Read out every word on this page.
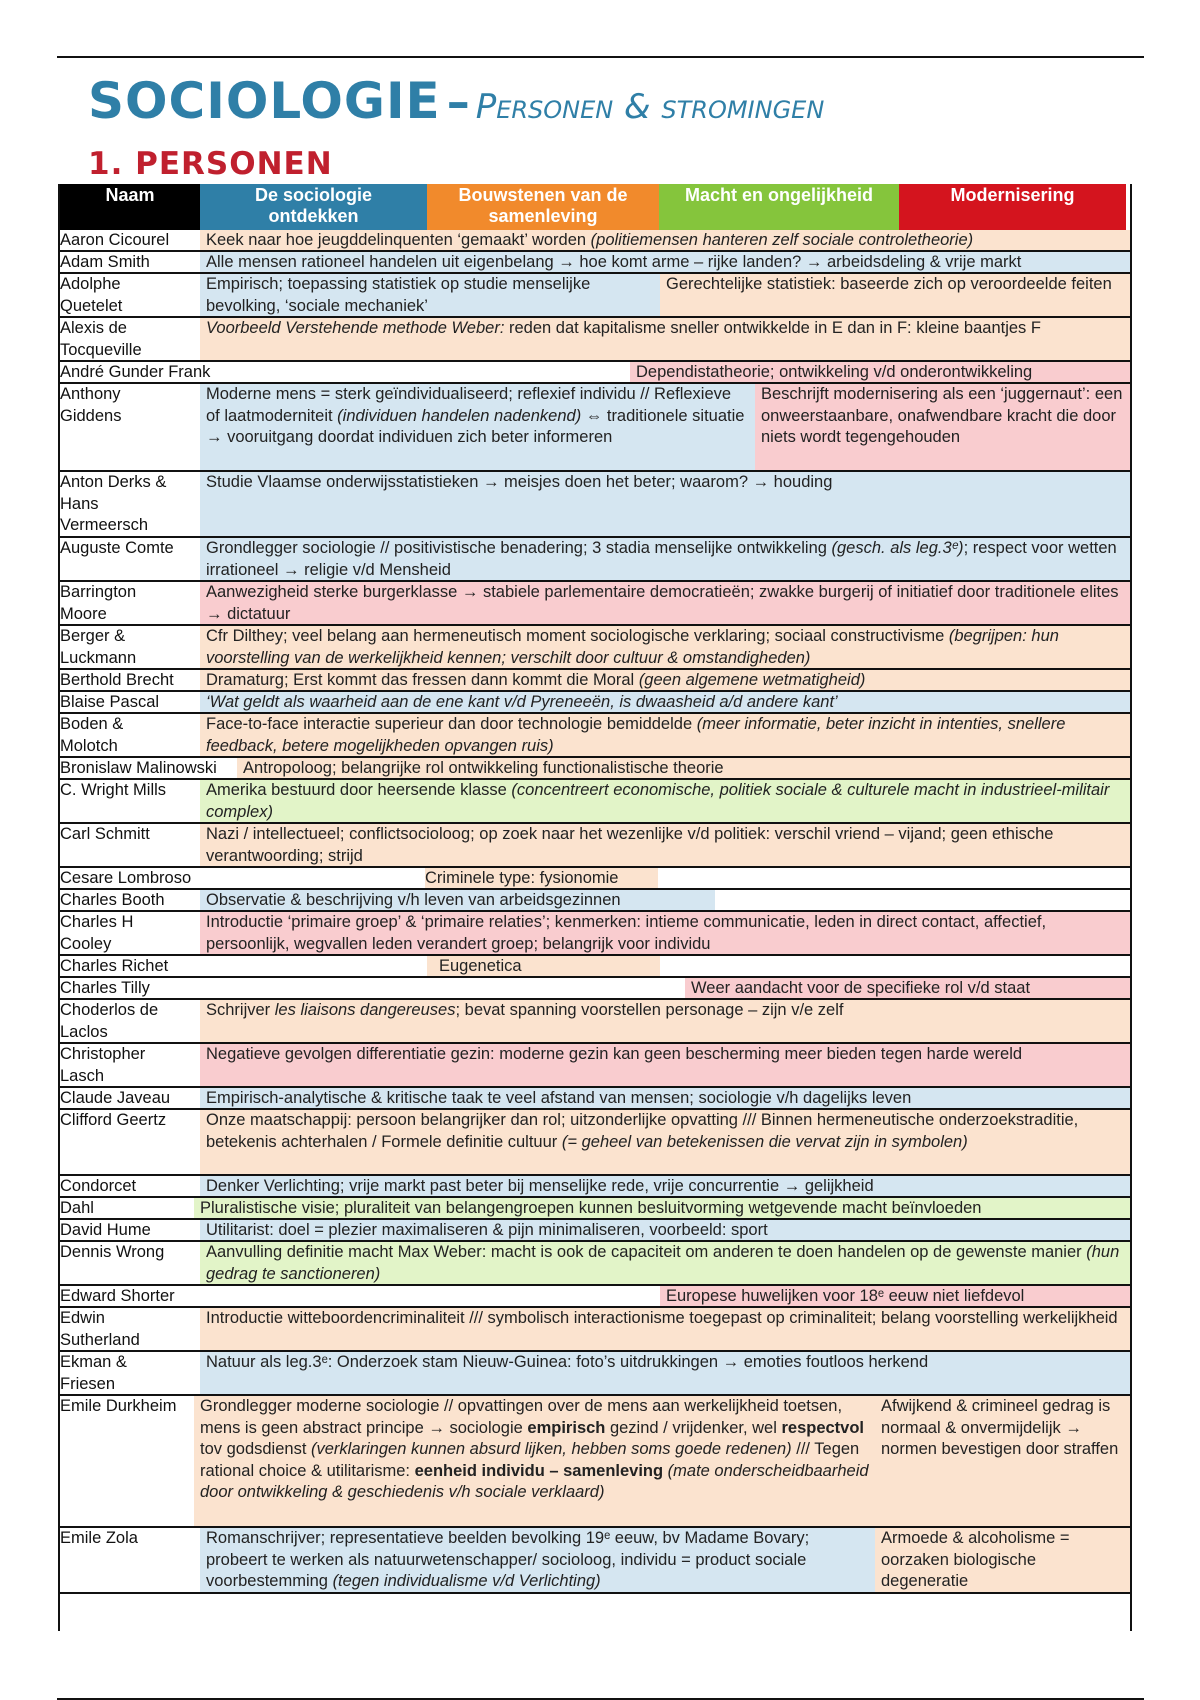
SOCIOLOGIE – Personen & stromingen
1. PERSONEN
Naam	De sociologie ontdekken
Bouwstenen van de samenleving
Macht en ongelijkheid	Modernisering
Keek naar hoe jeugddelinquenten ‘gemaakt’ worden (politiemensen hanteren zelf sociale controletheorie)
Aaron Cicourel
Alle mensen rationeel handelen uit eigenbelang → hoe komt arme – rijke landen? → arbeidsdeling & vrije markt
Adam Smith
Empirisch; toepassing statistiek op studie menselijke bevolking, ‘sociale mechaniek’
Gerechtelijke statistiek: baseerde zich op veroordeelde feiten
Adolphe
Quetelet
Voorbeeld Verstehende methode Weber: reden dat kapitalisme sneller ontwikkelde in E dan in F: kleine baantjes F
Alexis de
Tocqueville
Dependistatheorie; ontwikkeling v/d onderontwikkeling
André Gunder Frank
Moderne mens = sterk geïndividualiseerd; reflexief individu // Reflexieve of laatmoderniteit (individuen handelen nadenkend) ⇔ traditionele situatie → vooruitgang doordat individuen zich beter informeren
Beschrijft modernisering als een ‘juggernaut’: een onweerstaanbare, onafwendbare kracht die door niets wordt tegengehouden
Anthony
Giddens
Studie Vlaamse onderwijsstatistieken → meisjes doen het beter; waarom? → houding
Anton Derks &
Hans
Vermeersch
Grondlegger sociologie // positivistische benadering; 3 stadia menselijke ontwikkeling (gesch. als leg.3ᵉ); respect voor wetten irrationeel → religie v/d Mensheid
Auguste Comte
Aanwezigheid sterke burgerklasse → stabiele parlementaire democratieën; zwakke burgerij of initiatief door traditionele elites → dictatuur
Barrington
Moore
Cfr Dilthey; veel belang aan hermeneutisch moment sociologische verklaring; sociaal constructivisme (begrijpen: hun voorstelling van de werkelijkheid kennen; verschilt door cultuur & omstandigheden)
Berger &
Luckmann
Dramaturg; Erst kommt das fressen dann kommt die Moral (geen algemene wetmatigheid)
Berthold Brecht
‘Wat geldt als waarheid aan de ene kant v/d Pyreneeën, is dwaasheid a/d andere kant’
Blaise Pascal
Face-to-face interactie superieur dan door technologie bemiddelde (meer informatie, beter inzicht in intenties, snellere feedback, betere mogelijkheden opvangen ruis)
Boden &
Molotch
Antropoloog; belangrijke rol ontwikkeling functionalistische theorie
Bronislaw Malinowski
Amerika bestuurd door heersende klasse (concentreert economische, politiek sociale & culturele macht in industrieel-militair complex)
C. Wright Mills
Nazi / intellectueel; conflictsocioloog; op zoek naar het wezenlijke v/d politiek: verschil vriend – vijand; geen ethische verantwoording; strijd
Carl Schmitt
Criminele type: fysionomie
Cesare Lombroso
Observatie & beschrijving v/h leven van arbeidsgezinnen
Charles Booth
Introductie ‘primaire groep’ & ‘primaire relaties’; kenmerken: intieme communicatie, leden in direct contact, affectief, persoonlijk, wegvallen leden verandert groep; belangrijk voor individu
Charles H
Cooley
Eugenetica
Charles Richet
Weer aandacht voor de specifieke rol v/d staat
Charles Tilly
Schrijver les liaisons dangereuses; bevat spanning voorstellen personage – zijn v/e zelf
Choderlos de
Laclos
Negatieve gevolgen differentiatie gezin: moderne gezin kan geen bescherming meer bieden tegen harde wereld
Christopher
Lasch
Empirisch-analytische & kritische taak te veel afstand van mensen; sociologie v/h dagelijks leven
Claude Javeau
Onze maatschappij: persoon belangrijker dan rol; uitzonderlijke opvatting /// Binnen hermeneutische onderzoekstraditie, betekenis achterhalen / Formele definitie cultuur (= geheel van betekenissen die vervat zijn in symbolen)
Clifford Geertz
Denker Verlichting; vrije markt past beter bij menselijke rede, vrije concurrentie → gelijkheid
Condorcet
Pluralistische visie; pluraliteit van belangengroepen kunnen besluitvorming wetgevende macht beïnvloeden
Dahl
Utilitarist: doel = plezier maximaliseren & pijn minimaliseren, voorbeeld: sport
David Hume
Aanvulling definitie macht Max Weber: macht is ook de capaciteit om anderen te doen handelen op de gewenste manier (hun gedrag te sanctioneren)
Dennis Wrong
Europese huwelijken voor 18ᵉ eeuw niet liefdevol
Edward Shorter
Introductie witteboordencriminaliteit /// symbolisch interactionisme toegepast op criminaliteit; belang voorstelling werkelijkheid
Edwin
Sutherland
Natuur als leg.3ᵉ: Onderzoek stam Nieuw-Guinea: foto’s uitdrukkingen → emoties foutloos herkend
Ekman &
Friesen
Grondlegger moderne sociologie // opvattingen over de mens aan werkelijkheid toetsen, mens is geen abstract principe → sociologie empirisch gezind / vrijdenker, wel respectvol tov godsdienst (verklaringen kunnen absurd lijken, hebben soms goede redenen) /// Tegen rational choice & utilitarisme: eenheid individu – samenleving (mate onderscheidbaarheid door ontwikkeling & geschiedenis v/h sociale verklaard)
Afwijkend & crimineel gedrag is normaal & onvermijdelijk → normen bevestigen door straffen
Emile Durkheim
Romanschrijver; representatieve beelden bevolking 19ᵉ eeuw, bv Madame Bovary; probeert te werken als natuurwetenschapper/ socioloog, individu = product sociale voorbestemming (tegen individualisme v/d Verlichting)
Armoede & alcoholisme = oorzaken biologische degeneratie
Emile Zola
